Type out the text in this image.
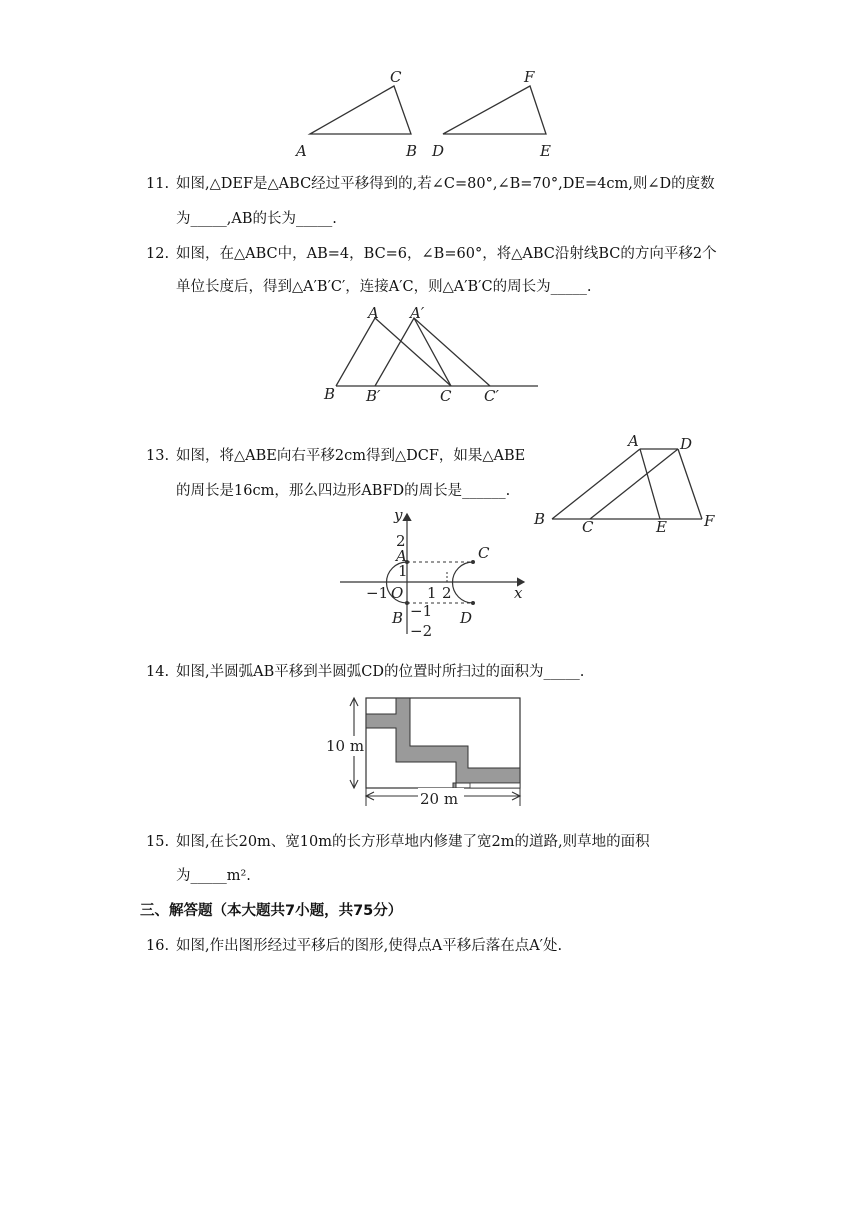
A	B
C
D	E
F
11. 如图,△DEF是△ABC经过平移得到的,若∠C=80°,∠B=70°,DE=4cm,则∠D的度数
为_____,AB的长为_____.
12. 如图，在△ABC中，AB=4，BC=6，∠B=60°，将△ABC沿射线BC的方向平移2个
单位长度后，得到△A′B′C′，连接A′C，则△A′B′C的周长为_____.
A A′
B B′	C C′
13. 如图，将△ABE向右平移2cm得到△DCF，如果△ABE
的周长是16cm，那么四边形ABFD的周长是______.
A	D
B C	E F
y
x
2
1
−1 O 1 2
−1
−2
A
B
C
D
14. 如图,半圆弧AB平移到半圆弧CD的位置时所扫过的面积为_____.
10 m
20 m
15. 如图,在长20m、宽10m的长方形草地内修建了宽2m的道路,则草地的面积
为_____m².
三、解答题（本大题共7小题，共75分）
16. 如图,作出图形经过平移后的图形,使得点A平移后落在点A′处.
